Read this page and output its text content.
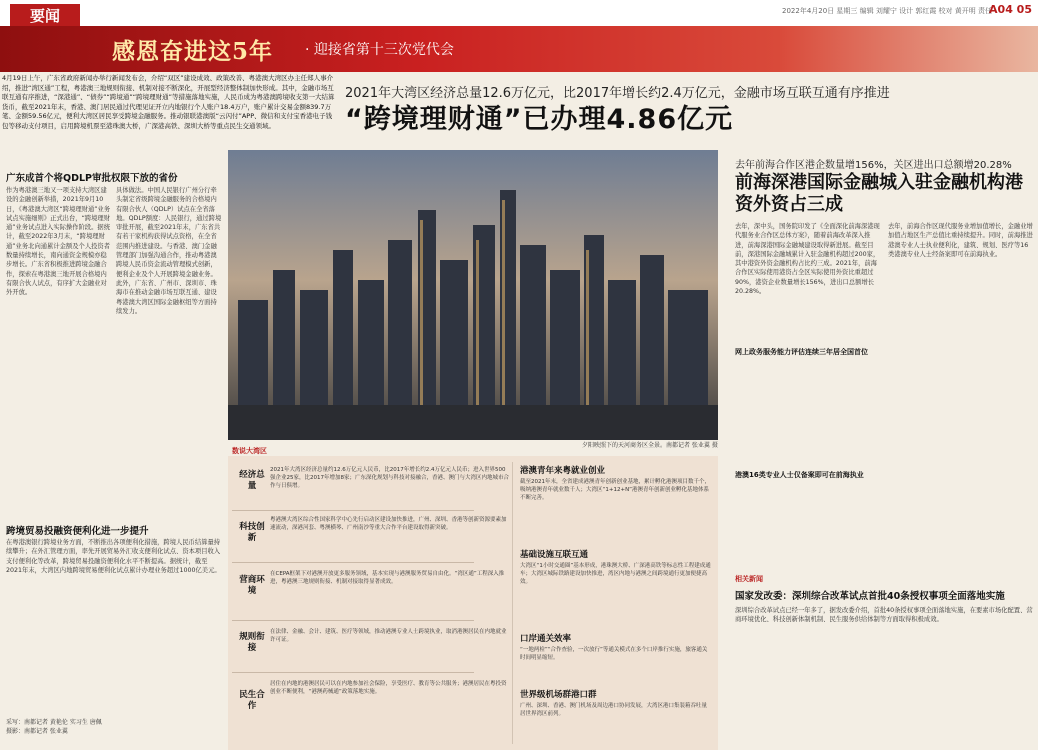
要闻	2022年4月20日 星期三 编辑 刘耀宁 设计 郭红霞 校对 黄开明 责任
A04 05
感恩奋进这5年 · 迎接省第十三次党代会
4月19日上午，广东省政府新闻办举行新闻发布会，介绍“双区”建设成效、政策改善、粤港澳大湾区办主任郑人事介绍，推进“湾区通”工程，粤港澳三地规则衔接、机制对接不断深化，开展型经济整体制加快形成。其中，金融市场互联互通有序推进，“深港通”、“债券”“跨境通”“跨境理财通”等措施落地实施，人民币成为粤港澳跨境收支第一大结算货币，截至2021年末，香港、澳门居民通过代理见证开立内地银行个人账户18.4万户，账户累计交易金额839.7万笔、金额59.56亿元，便利大湾区居民享受跨境金融服务。推动银联港澳版“云闪付”APP、微信和支付宝香港电子钱包等移动支付项目，启用跨境机票至港珠澳大桥，广深港高铁、深圳大桥等重点民生交通领域。
2021年大湾区经济总量12.6万亿元，比2017年增长约2.4万亿元，金融市场互联互通有序推进
“跨境理财通”已办理4.86亿元
广东成首个将QDLP审批权限下放的省份
作为粤港澳三地又一项支持大湾区建设的金融创新举措，2021年9月10日，《粤港澳大湾区“跨境理财通”业务试点实施细则》正式出台，“跨境理财通”业务试点进入实际操作阶段。据统计，截至2022年3月末，“跨境理财通”业务北向通累计金额及个人投资者数量持续增长，南向通资金规模亦稳步增长。广东省积极推进跨境金融合作，探索在粤港澳三地开展合格境内有限合伙人试点，有序扩大金融业对外开放。
具体做法。中国人民银行广州分行牵头制定省级跨境金融服务的合格境内有限合伙人（QDLP）试点在全省落地。QDLP额度：人民银行，通过跨境审批开展，截至2021年末，广东省共有若干家机构获得试点资格，在全省范围内推进建设。与香港、澳门金融管理部门加强沟通合作，推动粤港澳跨境人民币资金流动管理模式创新，便利企业及个人开展跨境金融业务。此外，广东省、广州市、深圳市、珠海市在推动金融市场互联互通、建设粤港澳大湾区国际金融枢纽等方面持续发力。
跨境贸易投融资便利化进一步提升
在粤港澳银行跨境业务方面，不断推出各项便利化措施，跨境人民币结算量持续攀升；在外汇管理方面，率先开展贸易外汇收支便利化试点、资本项目收入支付便利化等改革，跨境贸易投融资便利化水平不断提高。据统计，截至2021年末，大湾区内地跨境贸易便利化试点累计办理业务超过1000亿美元。
采写：南都记者 黄艳伦 实习生 唐佩
摄影：南都记者 张业翼
夕阳映照下的天河商务区全景。南都记者 张业翼 摄
去年前海合作区港企数量增156%，关区进出口总额增20.28%
前海深港国际金融城入驻金融机构港资外资占三成
去年，深中头，国务院印发了《全面深化前海深港现代服务业合作区总体方案》，随着前海改革深入推进，前海深港国际金融城建设取得新进展。截至目前，深港国际金融城累计入驻金融机构超过200家，其中港资外资金融机构占比约三成。2021年，前海合作区实际使用港资占全区实际使用外资比重超过90%，港资企业数量增长156%，进出口总额增长20.28%。
网上政务服务能力评估连续三年居全国首位
港澳16类专业人士仅备案即可在前海执业
去年，前海合作区现代服务业增加值增长，金融业增加值占地区生产总值比重持续提升。同时，前海推进港澳专业人士执业便利化，建筑、规划、医疗等16类港澳专业人士经备案即可在前海执业。
数说大湾区
经济总量
2021年大湾区经济总量约12.6万亿元人民币，比2017年增长约2.4万亿元人民币；进入世界500强企业25家，比2017年增加8家；广东深化规划与科技对接融合，香港、澳门与大湾区内地城市合作与日俱增。
科技创新
粤港澳大湾区综合性国家科学中心先行启动区建设加快推进，广州、深圳、香港等创新资源要素加速流动，深港河套、粤澳横琴、广州南沙等重大合作平台建设取得新突破。
营商环境
在CEPA框架下对港澳开放更多服务领域，基本实现与港澳服务贸易自由化。“湾区通”工程深入推进，粤港澳三地规则衔接、机制对接取得显著成效。
规则衔接
在法律、金融、会计、建筑、医疗等领域，推动港澳专业人士跨境执业，取消港澳居民在内地就业许可证。
民生合作
居住在内地的港澳居民可以在内地参加社会保险，享受医疗、教育等公共服务；港澳居民在粤投资创业不断便利，“港澳药械通”政策落地实施。
港澳青年来粤就业创业
截至2021年末，全省建成港澳青年创新创业基地，累计孵化港澳项目数千个，吸纳港澳青年就业数千人；大湾区“1+12+N”港澳青年创新创业孵化基地体系不断完善。
基础设施互联互通
大湾区“1小时交通圈”基本形成，港珠澳大桥、广深港高铁等标志性工程建成通车；大湾区城际铁路建设加快推进，湾区内地与港澳之间跨境通行更加便捷高效。
口岸通关效率
“一地两检”“合作查验，一次放行”等通关模式在多个口岸推行实施，旅客通关时间明显缩短。
世界级机场群港口群
广州、深圳、香港、澳门机场及周边港口协同发展，大湾区港口集装箱吞吐量居世界湾区前列。
相关新闻
国家发改委：深圳综合改革试点首批40条授权事项全面落地实施
深圳综合改革试点已经一年多了，据发改委介绍，首批40条授权事项全面落地实施，在要素市场化配置、营商环境优化、科技创新体制机制、民生服务供给体制等方面取得积极成效。
